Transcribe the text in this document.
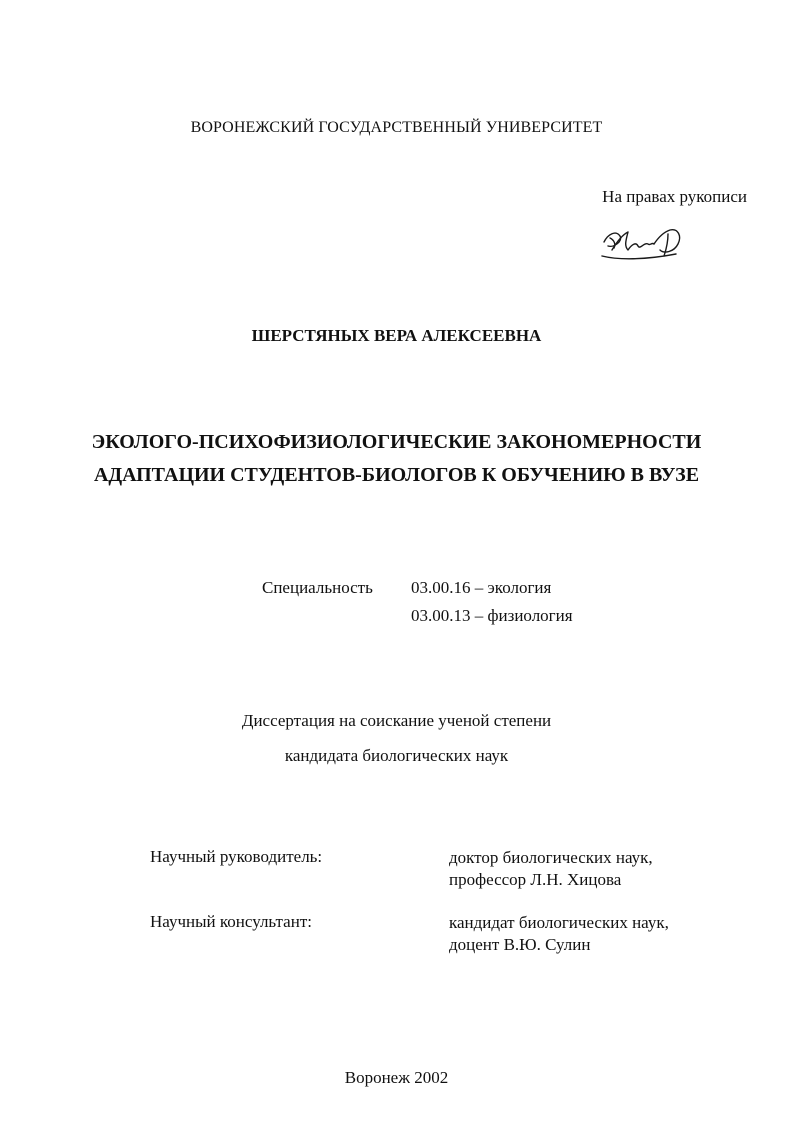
ВОРОНЕЖСКИЙ ГОСУДАРСТВЕННЫЙ УНИВЕРСИТЕТ
На правах рукописи
ШЕРСТЯНЫХ ВЕРА АЛЕКСЕЕВНА
ЭКОЛОГО-ПСИХОФИЗИОЛОГИЧЕСКИЕ ЗАКОНОМЕРНОСТИ
АДАПТАЦИИ СТУДЕНТОВ-БИОЛОГОВ К ОБУЧЕНИЮ В ВУЗЕ
Специальность 03.00.16 – экология
03.00.13 – физиология
Диссертация на соискание ученой степени
кандидата биологических наук
Научный руководитель:	доктор биологических наук,
профессор Л.Н. Хицова
Научный консультант:	кандидат биологических наук,
доцент В.Ю. Сулин
Воронеж 2002
